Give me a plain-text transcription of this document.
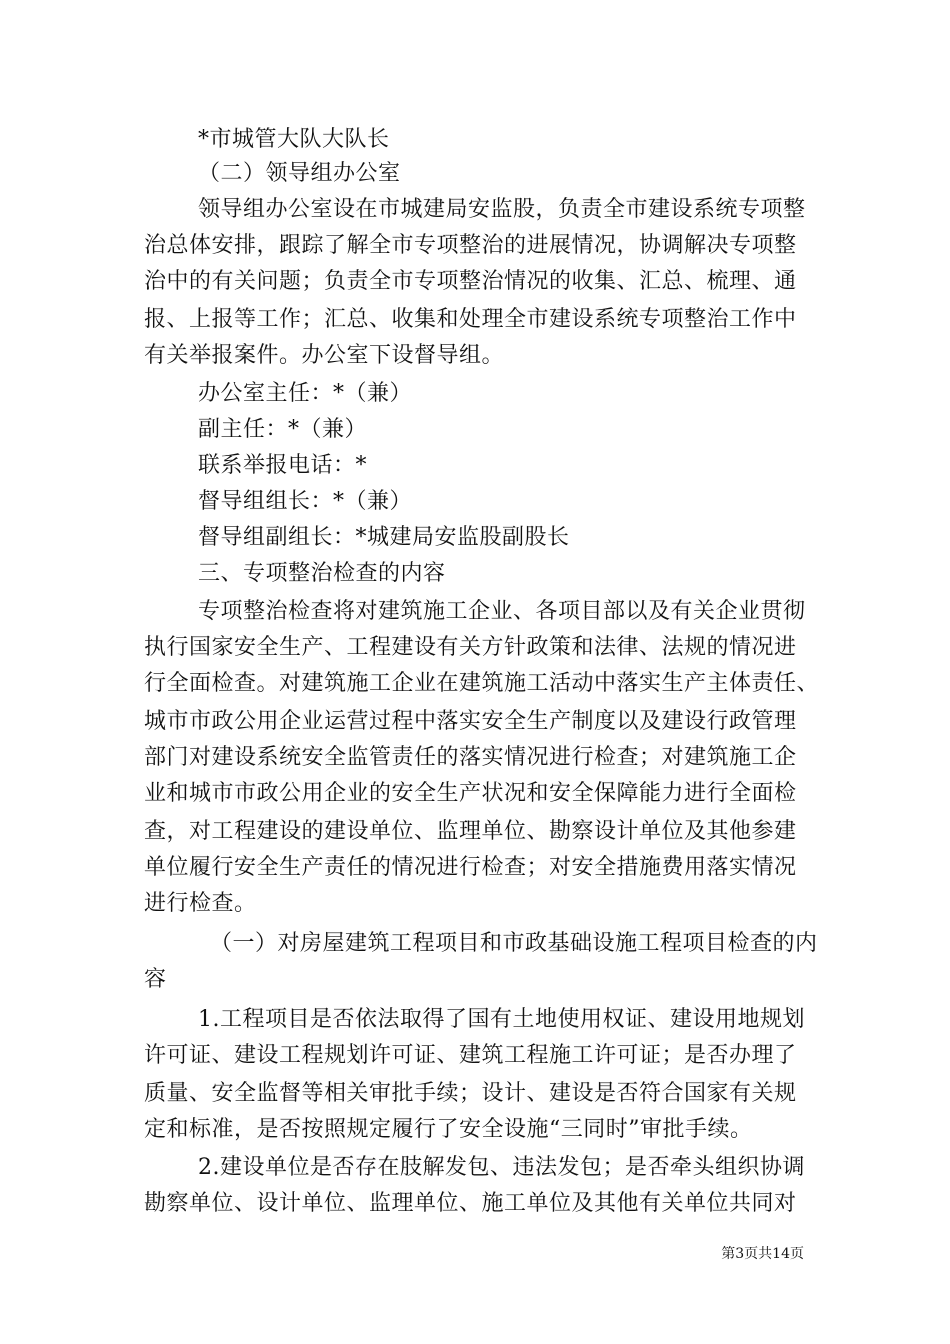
*市城管大队大队长
（二）领导组办公室
领导组办公室设在市城建局安监股，负责全市建设系统专项整
治总体安排，跟踪了解全市专项整治的进展情况，协调解决专项整
治中的有关问题；负责全市专项整治情况的收集、汇总、梳理、通
报、上报等工作；汇总、收集和处理全市建设系统专项整治工作中
有关举报案件。办公室下设督导组。
办公室主任：*（兼）
副主任：*（兼）
联系举报电话：*
督导组组长：*（兼）
督导组副组长：*城建局安监股副股长
三、专项整治检查的内容
专项整治检查将对建筑施工企业、各项目部以及有关企业贯彻
执行国家安全生产、工程建设有关方针政策和法律、法规的情况进
行全面检查。对建筑施工企业在建筑施工活动中落实生产主体责任、
城市市政公用企业运营过程中落实安全生产制度以及建设行政管理
部门对建设系统安全监管责任的落实情况进行检查；对建筑施工企
业和城市市政公用企业的安全生产状况和安全保障能力进行全面检
查，对工程建设的建设单位、监理单位、勘察设计单位及其他参建
单位履行安全生产责任的情况进行检查；对安全措施费用落实情况
进行检查。
（一）对房屋建筑工程项目和市政基础设施工程项目检查的内
容
1.工程项目是否依法取得了国有土地使用权证、建设用地规划
许可证、建设工程规划许可证、建筑工程施工许可证；是否办理了
质量、安全监督等相关审批手续；设计、建设是否符合国家有关规
定和标准，是否按照规定履行了安全设施“三同时”审批手续。
2.建设单位是否存在肢解发包、违法发包；是否牵头组织协调
勘察单位、设计单位、监理单位、施工单位及其他有关单位共同对
第3页共14页
